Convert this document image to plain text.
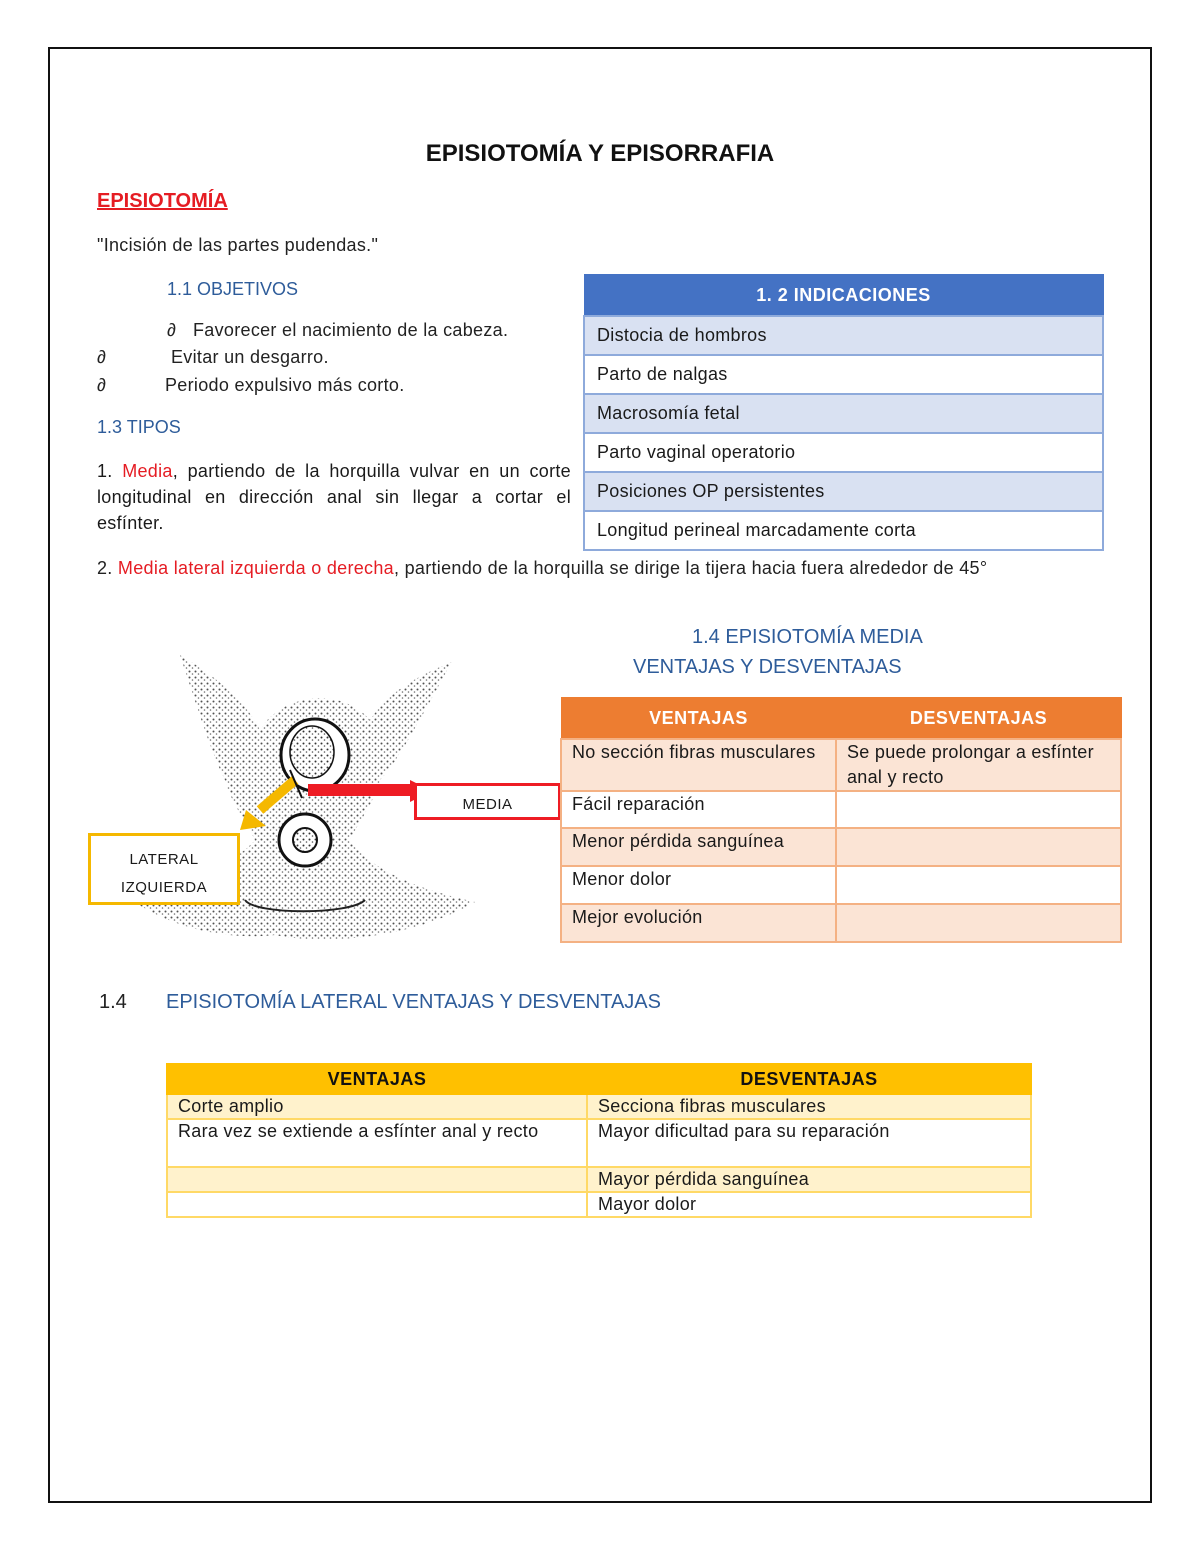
EPISIOTOMÍA Y EPISORRAFIA
EPISIOTOMÍA
"Incisión de las partes pudendas."
1.1 OBJETIVOS
∂ Favorecer el nacimiento de la cabeza.
∂	Evitar un desgarro.
∂	Periodo expulsivo más corto.
1. 2 INDICACIONES
Distocia de hombros
Parto de nalgas
Macrosomía fetal
Parto vaginal operatorio
Posiciones OP persistentes
Longitud perineal marcadamente corta
1.3 TIPOS
1. Media, partiendo de la horquilla vulvar en un corte longitudinal en dirección anal sin llegar a cortar el esfínter.
2. Media lateral izquierda o derecha, partiendo de la horquilla se dirige la tijera hacia fuera alrededor de 45°
MEDIA
LATERAL
IZQUIERDA
1.4 EPISIOTOMÍA MEDIA
VENTAJAS Y DESVENTAJAS
VENTAJAS	DESVENTAJAS
No sección fibras musculares	Se puede prolongar a esfínter anal y recto
Fácil reparación	
Menor pérdida sanguínea	
Menor dolor	
Mejor evolución	
1.4 EPISIOTOMÍA LATERAL VENTAJAS Y DESVENTAJAS
VENTAJAS	DESVENTAJAS
Corte amplio	Secciona fibras musculares
Rara vez se extiende a esfínter anal y recto	Mayor dificultad para su reparación
	Mayor pérdida sanguínea
	Mayor dolor
